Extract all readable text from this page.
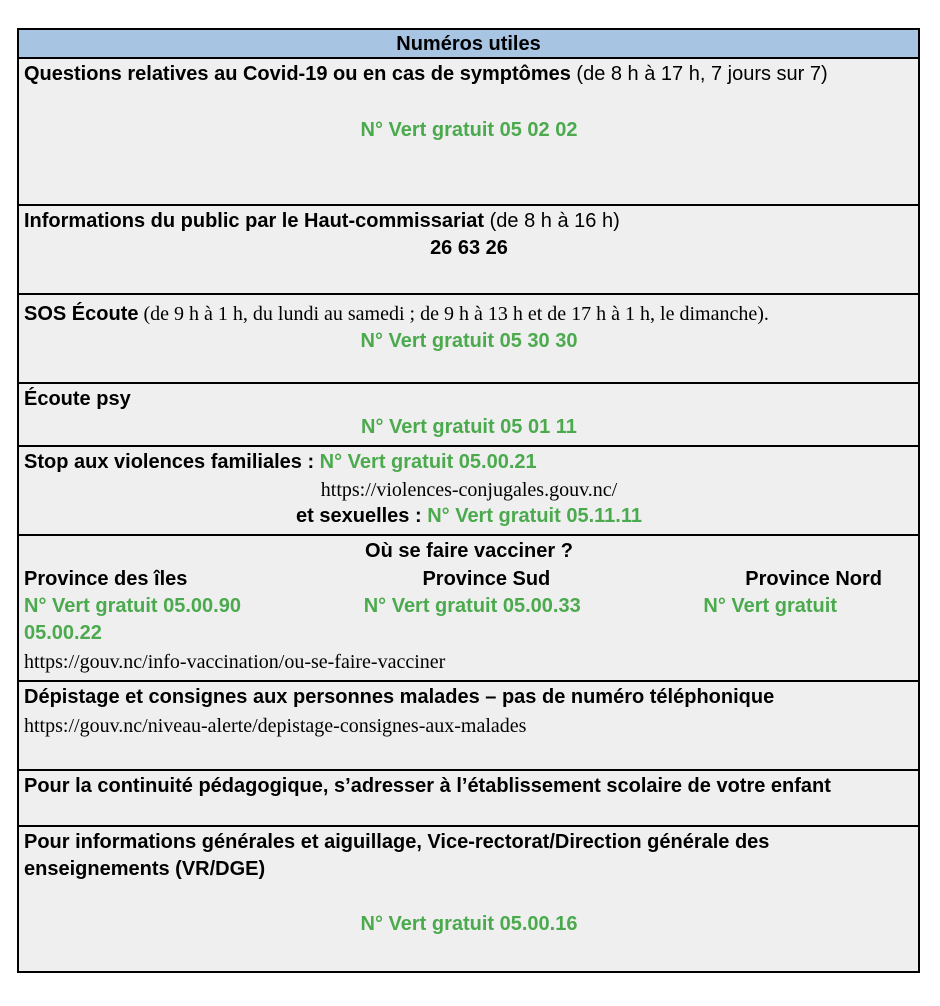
Numéros utiles
Questions relatives au Covid-19 ou en cas de symptômes (de 8 h à 17 h, 7 jours sur 7)
N° Vert gratuit 05 02 02
Informations du public par le Haut-commissariat (de 8 h à 16 h)
26 63 26
SOS Écoute (de 9 h à 1 h, du lundi au samedi ; de 9 h à 13 h et de 17 h à 1 h, le dimanche).
N° Vert gratuit 05 30 30
Écoute psy
N° Vert gratuit 05 01 11
Stop aux violences familiales : N° Vert gratuit 05.00.21
https://violences-conjugales.gouv.nc/
et sexuelles : N° Vert gratuit 05.11.11
Où se faire vacciner ?
Province des îles	Province Sud	Province Nord
N° Vert gratuit 05.00.90	N° Vert gratuit 05.00.33	N° Vert gratuit
05.00.22
https://gouv.nc/info-vaccination/ou-se-faire-vacciner
Dépistage et consignes aux personnes malades – pas de numéro téléphonique
https://gouv.nc/niveau-alerte/depistage-consignes-aux-malades
Pour la continuité pédagogique, s’adresser à l’établissement scolaire de votre enfant
Pour informations générales et aiguillage, Vice-rectorat/Direction générale des enseignements (VR/DGE)
N° Vert gratuit 05.00.16
